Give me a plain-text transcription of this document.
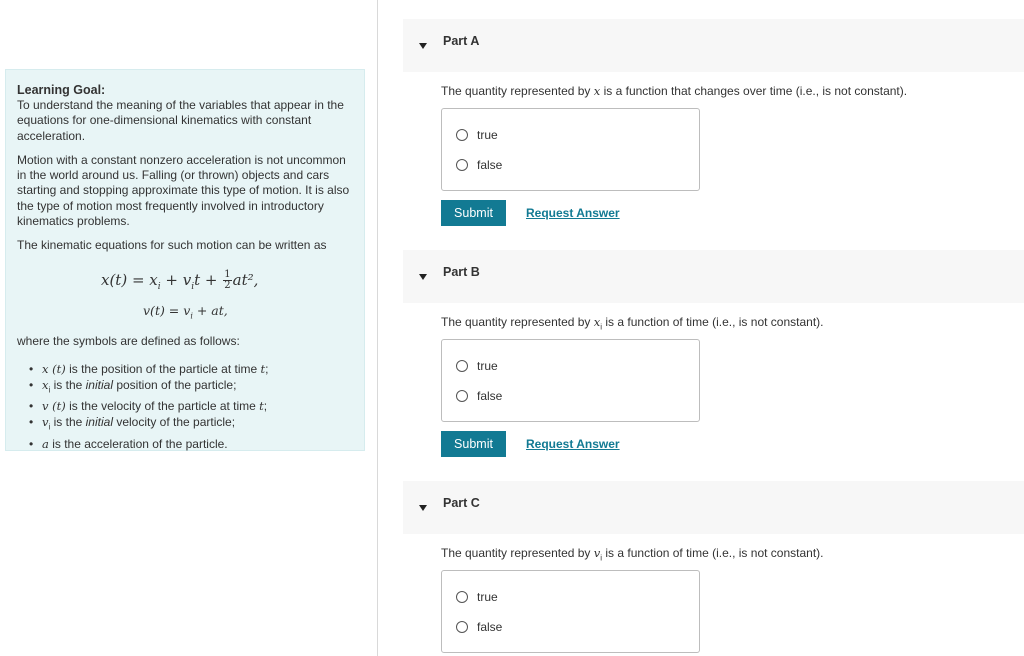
Learning Goal:
To understand the meaning of the variables that appear in the equations for one-dimensional kinematics with constant acceleration.
Motion with a constant nonzero acceleration is not uncommon in the world around us. Falling (or thrown) objects and cars starting and stopping approximate this type of motion. It is also the type of motion most frequently involved in introductory kinematics problems.
The kinematic equations for such motion can be written as
$x(t) = x_i + v_it + \frac{1}{2} at^2$,
$v(t) = v_i$ + at,
where the symbols are defined as follows:
• x (t) is the position of the particle at time t;
• $x_i$ is the initial position of the particle;
• v (t) is the velocity of the particle at time t;
• $v_i$ is the initial velocity of the particle;
• a is the acceleration of the particle.
Part A
The quantity represented by x is a function that changes over time (i.e., is not constant).
true
false
Submit	Request Answer
Part B
The quantity represented by $x_i$ is a function of time (i.e., is not constant).
true
false
Submit	Request Answer
Part C
The quantity represented by $v_i$ is a function of time (i.e., is not constant).
true
false
